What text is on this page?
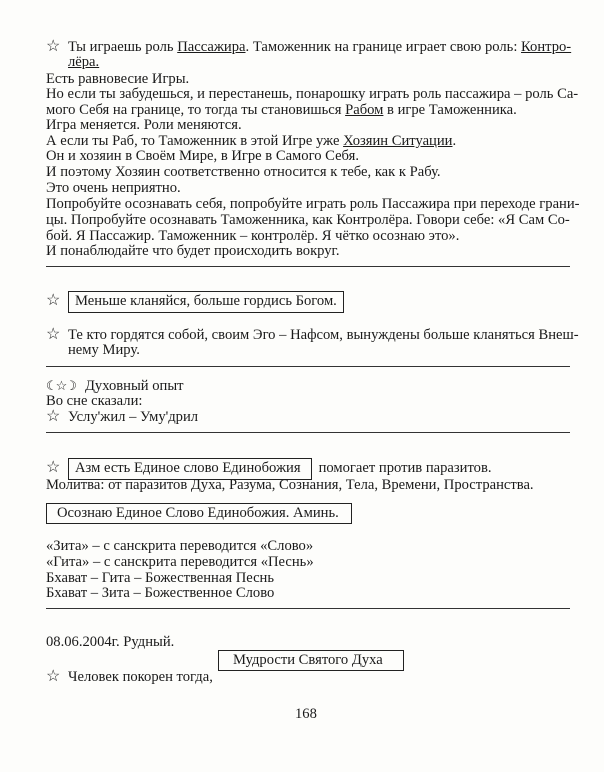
☆ Ты играешь роль Пассажира. Таможенник на границе играет свою роль: Контро-
лёра.
Есть равновесие Игры.
Но если ты забудешься, и перестанешь, понарошку играть роль пассажира – роль Са-
мого Себя на границе, то тогда ты становишься Рабом в игре Таможенника.
Игра меняется. Роли меняются.
А если ты Раб, то Таможенник в этой Игре уже Хозяин Ситуации.
Он и хозяин в Своём Мире, в Игре в Самого Себя.
И поэтому Хозяин соответственно относится к тебе, как к Рабу.
Это очень неприятно.
Попробуйте осознавать себя, попробуйте играть роль Пассажира при переходе грани-
цы. Попробуйте осознавать Таможенника, как Контролёра. Говори себе: «Я Сам Со-
бой. Я Пассажир. Таможенник – контролёр. Я чётко осознаю это».
И понаблюдайте что будет происходить вокруг.
☆ Меньше кланяйся, больше гордись Богом.
☆ Те кто гордятся собой, своим Эго – Нафсом, вынуждены больше кланяться Внеш-
нему Миру.
☾☆☽ Духовный опыт
Во сне сказали:
☆ Услу'жил – Уму'дрил
☆ Азм есть Единое слово Единобожия помогает против паразитов.
Молитва: от паразитов Духа, Разума, Сознания, Тела, Времени, Пространства.
Осознаю Единое Слово Единобожия. Аминь.
«Зита» – с санскрита переводится «Слово»
«Гита» – с санскрита переводится «Песнь»
Бхават – Гита – Божественная Песнь
Бхават – Зита – Божественное Слово
08.06.2004г. Рудный.
Мудрости Святого Духа
☆ Человек покорен тогда,
168
